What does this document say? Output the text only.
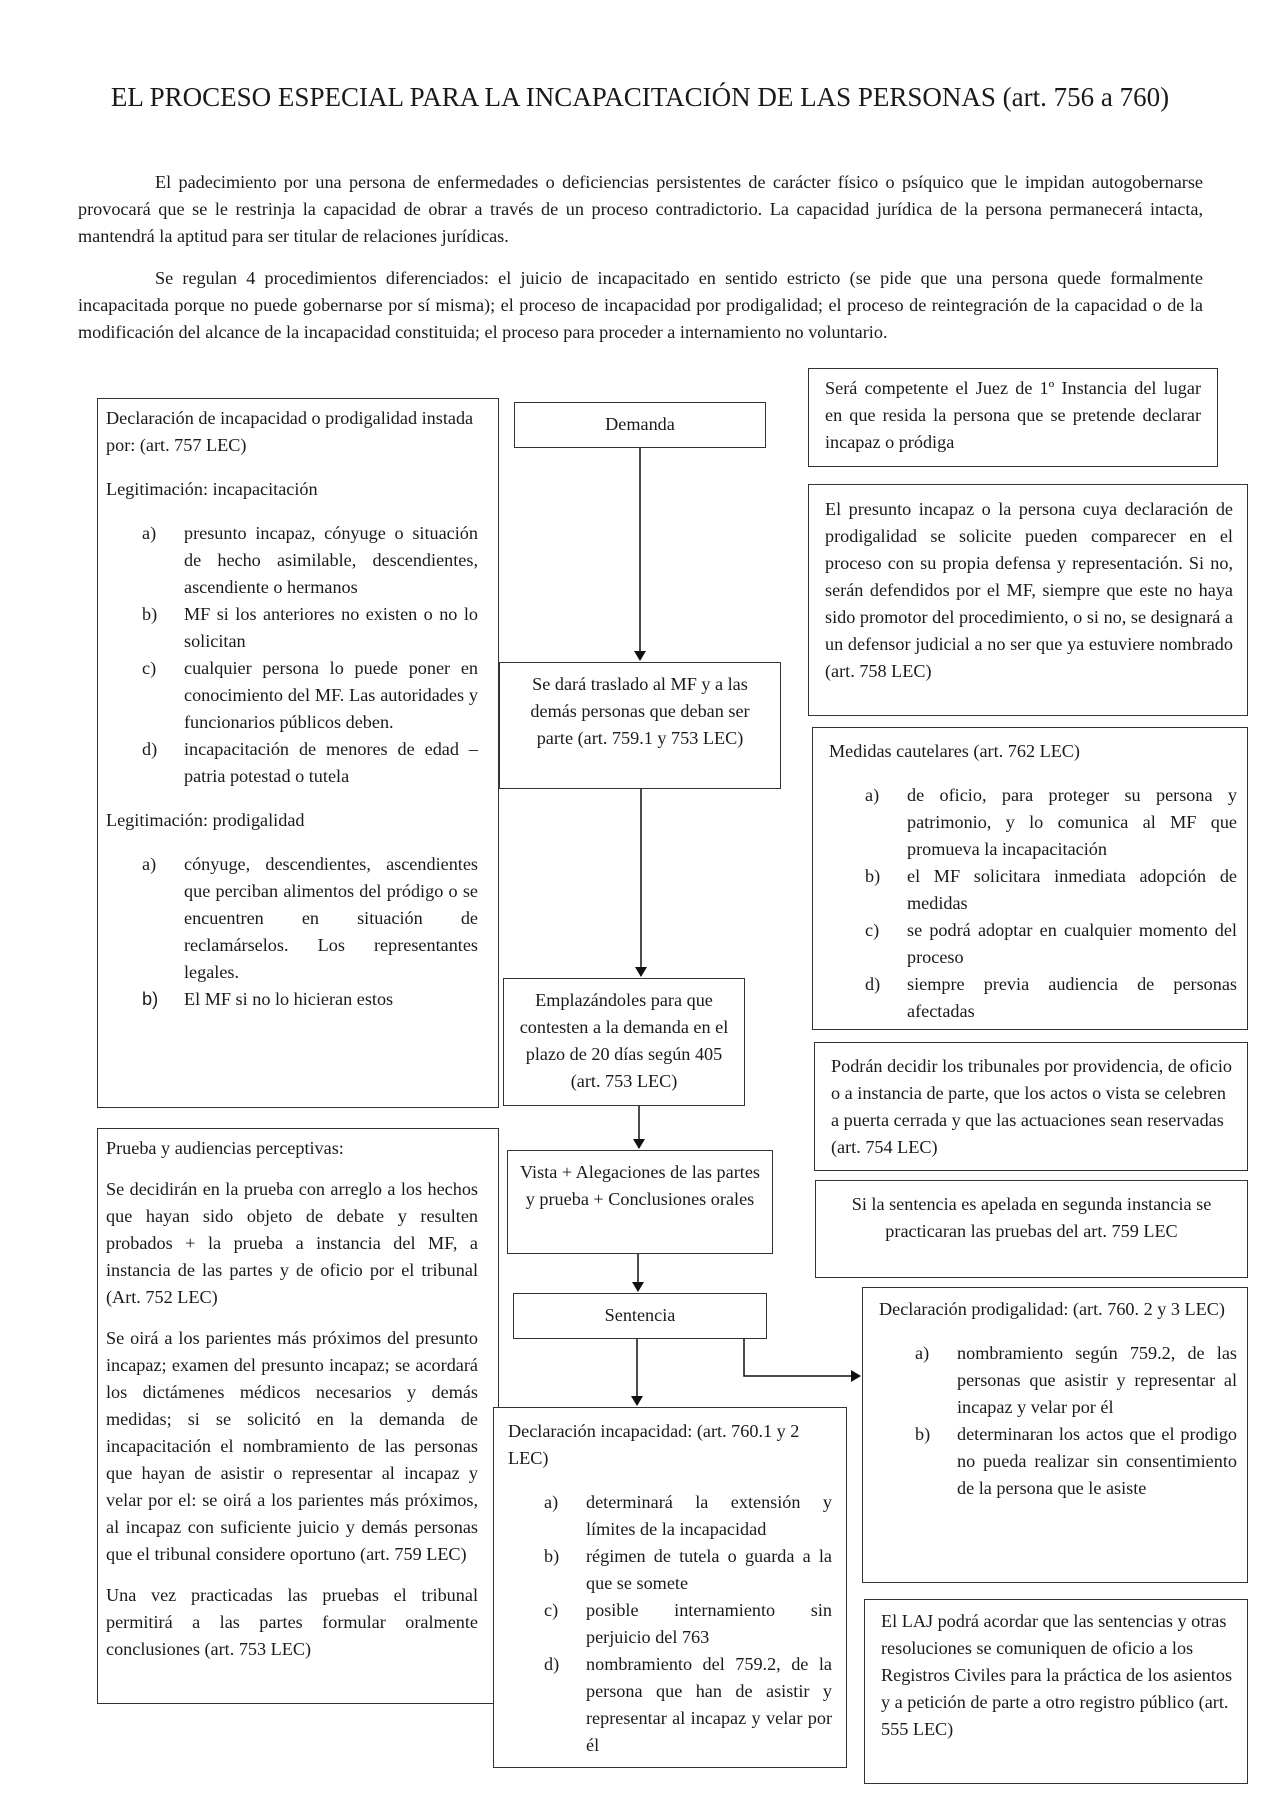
EL PROCESO ESPECIAL PARA LA INCAPACITACIÓN DE LAS PERSONAS (art. 756 a 760)

El padecimiento por una persona de enfermedades o deficiencias persistentes de carácter físico o psíquico que le impidan autogobernarse provocará que se le restrinja la capacidad de obrar a través de un proceso contradictorio. La capacidad jurídica de la persona permanecerá intacta, mantendrá la aptitud para ser titular de relaciones jurídicas.

Se regulan 4 procedimientos diferenciados: el juicio de incapacitado en sentido estricto (se pide que una persona quede formalmente incapacitada porque no puede gobernarse por sí misma); el proceso de incapacidad por prodigalidad; el proceso de reintegración de la capacidad o de la modificación del alcance de la incapacidad constituida; el proceso para proceder a internamiento no voluntario.

Declaración de incapacidad o prodigalidad instada por: (art. 757 LEC)

Legitimación: incapacitación

a) presunto incapaz, cónyuge o situación de hecho asimilable, descendientes, ascendiente o hermanos
b) MF si los anteriores no existen o no lo solicitan
c) cualquier persona lo puede poner en conocimiento del MF. Las autoridades y funcionarios públicos deben.
d) incapacitación de menores de edad – patria potestad o tutela

Legitimación: prodigalidad

a) cónyuge, descendientes, ascendientes que perciban alimentos del pródigo o se encuentren en situación de reclamárselos. Los representantes legales.
b) El MF si no lo hicieran estos

Prueba y audiencias perceptivas:

Se decidirán en la prueba con arreglo a los hechos que hayan sido objeto de debate y resulten probados + la prueba a instancia del MF, a instancia de las partes y de oficio por el tribunal (Art. 752 LEC)

Se oirá a los parientes más próximos del presunto incapaz; examen del presunto incapaz; se acordará los dictámenes médicos necesarios y demás medidas; si se solicitó en la demanda de incapacitación el nombramiento de las personas que hayan de asistir o representar al incapaz y velar por el: se oirá a los parientes más próximos, al incapaz con suficiente juicio y demás personas que el tribunal considere oportuno (art. 759 LEC)

Una vez practicadas las pruebas el tribunal permitirá a las partes formular oralmente conclusiones (art. 753 LEC)

Demanda
Se dará traslado al MF y a las demás personas que deban ser parte (art. 759.1 y 753 LEC)
Emplazándoles para que contesten a la demanda en el plazo de 20 días según 405 (art. 753 LEC)
Vista + Alegaciones de las partes y prueba + Conclusiones orales
Sentencia

Declaración incapacidad: (art. 760.1 y 2 LEC)

a) determinará la extensión y límites de la incapacidad
b) régimen de tutela o guarda a la que se somete
c) posible internamiento sin perjuicio del 763
d) nombramiento del 759.2, de la persona que han de asistir y representar al incapaz y velar por él
Será competente el Juez de 1º Instancia del lugar en que resida la persona que se pretende declarar incapaz o pródiga
El presunto incapaz o la persona cuya declaración de prodigalidad se solicite pueden comparecer en el proceso con su propia defensa y representación. Si no, serán defendidos por el MF, siempre que este no haya sido promotor del procedimiento, o si no, se designará a un defensor judicial a no ser que ya estuviere nombrado (art. 758 LEC)

Medidas cautelares (art. 762 LEC)

a) de oficio, para proteger su persona y patrimonio, y lo comunica al MF que promueva la incapacitación
b) el MF solicitara inmediata adopción de medidas
c) se podrá adoptar en cualquier momento del proceso
d) siempre previa audiencia de personas afectadas
Podrán decidir los tribunales por providencia, de oficio o a instancia de parte, que los actos o vista se celebren a puerta cerrada y que las actuaciones sean reservadas (art. 754 LEC)
Si la sentencia es apelada en segunda instancia se practicaran las pruebas del art. 759 LEC

Declaración prodigalidad: (art. 760. 2 y 3 LEC)

a) nombramiento según 759.2, de las personas que asistir y representar al incapaz y velar por él
b) determinaran los actos que el prodigo no pueda realizar sin consentimiento de la persona que le asiste
El LAJ podrá acordar que las sentencias y otras resoluciones se comuniquen de oficio a los Registros Civiles para la práctica de los asientos y a petición de parte a otro registro público (art. 555 LEC)
